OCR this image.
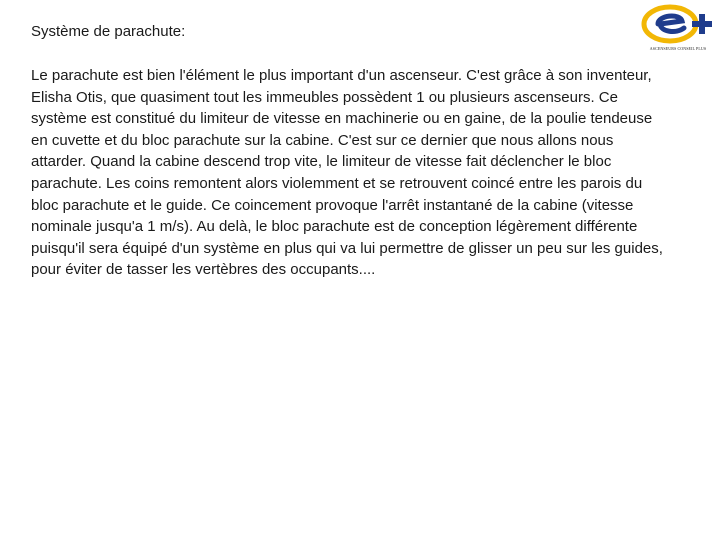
Système de parachute:
ASCENSEURS CONSEIL PLUS

Le parachute est bien l'élément le plus important d'un ascenseur. C'est grâce à son inventeur, Elisha Otis, que quasiment tout les immeubles possèdent 1 ou plusieurs ascenseurs. Ce système est constitué du limiteur de vitesse en machinerie ou en gaine, de la poulie tendeuse en cuvette et du bloc parachute sur la cabine. C'est sur ce dernier que nous allons nous attarder. Quand la cabine descend trop vite, le limiteur de vitesse fait déclencher le bloc parachute. Les coins remontent alors violemment et se retrouvent coincé entre les parois du bloc parachute et le guide. Ce coincement provoque l'arrêt instantané de la cabine (vitesse nominale jusqu'a 1 m/s). Au delà, le bloc parachute est de conception légèrement différente puisqu'il sera équipé d'un système en plus qui va lui permettre de glisser un peu sur les guides, pour éviter de tasser les vertèbres des occupants....
